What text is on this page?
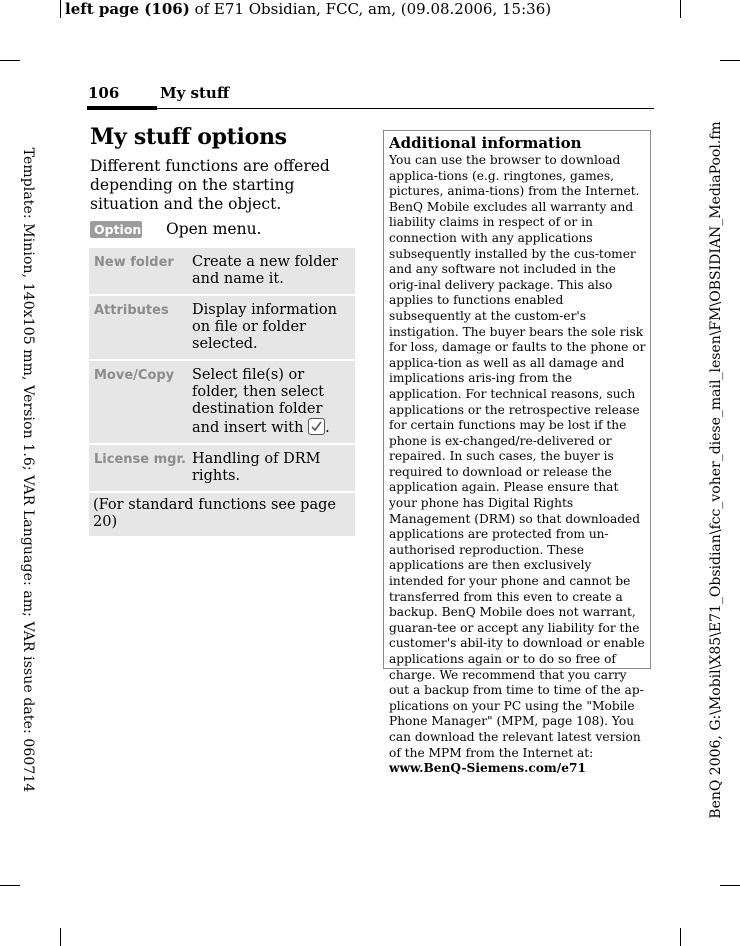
left page (106) of E71 Obsidian, FCC, am, (09.08.2006, 15:36)
Template: Minion, 140x105 mm, Version 1.6; VAR Language: am; VAR issue date: 060714	BenQ 2006, G:\Mobil\X85\E71_Obsidian\fcc_voher_diese_mail_lesen\FM\OBSIDIAN_MediaPool.fm
106	My stuff
My stuff options
Different functions are offered depending on the starting situation and the object.
Options Open menu.
New folder	Create a new folder and name it.
Attributes	Display information on file or folder selected.
Move/Copy	Select file(s) or folder, then select destination folder and insert with .
License mgr. Handling of DRM rights.
(For standard functions see page 20)
Additional information
You can use the browser to download applica-tions (e.g. ringtones, games, pictures, anima-tions) from the Internet.
BenQ Mobile excludes all warranty and liability claims in respect of or in connection with any applications subsequently installed by the cus-tomer and any software not included in the orig-inal delivery package. This also applies to functions enabled subsequently at the custom-er's instigation. The buyer bears the sole risk for loss, damage or faults to the phone or applica-tion as well as all damage and implications aris-ing from the application. For technical reasons, such applications or the retrospective release for certain functions may be lost if the phone is ex-changed/re-delivered or repaired. In such cases, the buyer is required to download or release the application again. Please ensure that your phone has Digital Rights Management (DRM) so that downloaded applications are protected from un-authorised reproduction. These applications are then exclusively intended for your phone and cannot be transferred from this even to create a backup. BenQ Mobile does not warrant, guaran-tee or accept any liability for the customer's abil-ity to download or enable applications again or to do so free of charge. We recommend that you carry out a backup from time to time of the ap-plications on your PC using the "Mobile Phone Manager" (MPM, page 108). You can download the relevant latest version of the MPM from the Internet at:
www.BenQ-Siemens.com/e71
